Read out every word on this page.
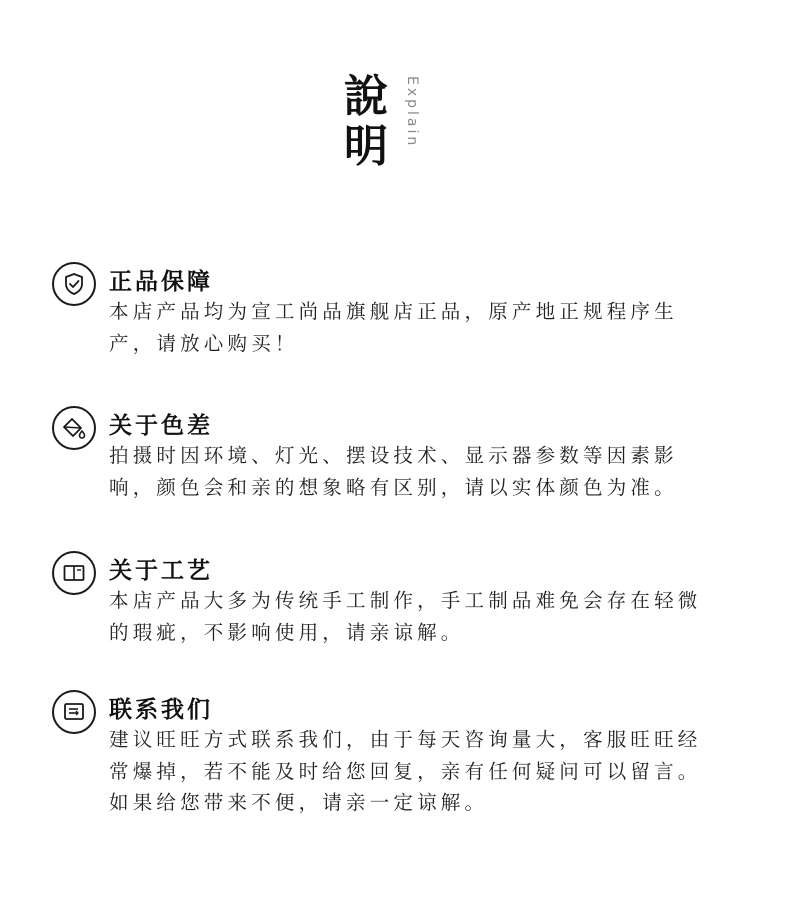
說
明	Explain
正品保障
本店产品均为宣工尚品旗舰店正品，原产地正规程序生产，请放心购买！
关于色差
拍摄时因环境、灯光、摆设技术、显示器参数等因素影响，颜色会和亲的想象略有区别，请以实体颜色为准。
关于工艺
本店产品大多为传统手工制作，手工制品难免会存在轻微的瑕疵，不影响使用，请亲谅解。
联系我们
建议旺旺方式联系我们，由于每天咨询量大，客服旺旺经常爆掉，若不能及时给您回复，亲有任何疑问可以留言。如果给您带来不便，请亲一定谅解。
